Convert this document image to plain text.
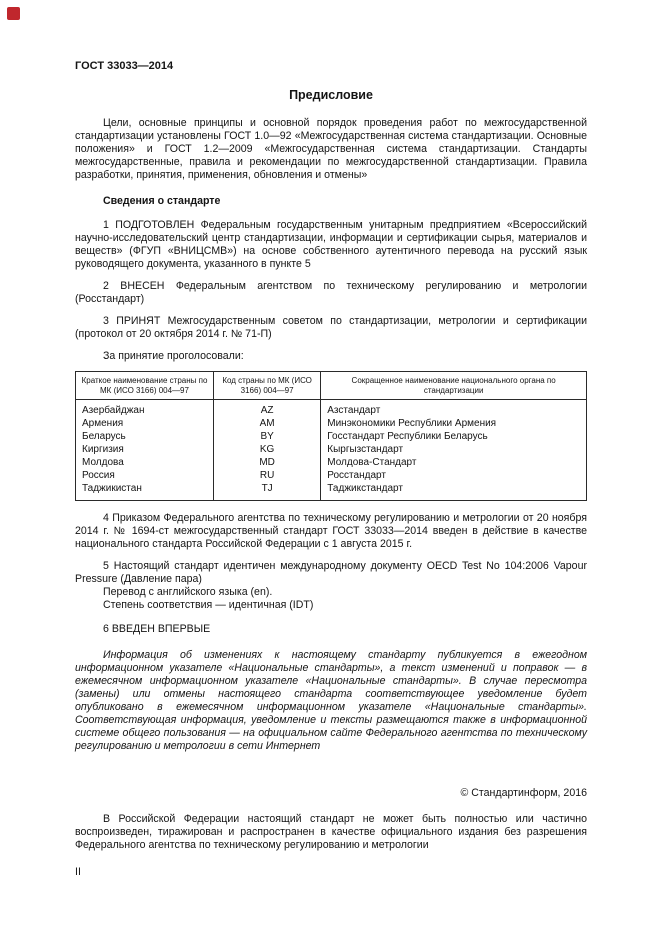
ГОСТ 33033—2014
Предисловие

Цели, основные принципы и основной порядок проведения работ по межгосударственной стандартизации установлены ГОСТ 1.0—92 «Межгосударственная система стандартизации. Основные положения» и ГОСТ 1.2—2009 «Межгосударственная система стандартизации. Стандарты межгосударственные, правила и рекомендации по межгосударственной стандартизации. Правила разработки, принятия, применения, обновления и отмены»

Сведения о стандарте

1 ПОДГОТОВЛЕН Федеральным государственным унитарным предприятием «Всероссийский научно-исследовательский центр стандартизации, информации и сертификации сырья, материалов и веществ» (ФГУП «ВНИЦСМВ») на основе собственного аутентичного перевода на русский язык руководящего документа, указанного в пункте 5

2 ВНЕСЕН Федеральным агентством по техническому регулированию и метрологии (Росстандарт)

3 ПРИНЯТ Межгосударственным советом по стандартизации, метрологии и сертификации (протокол от 20 октября 2014 г. № 71-П)

За принятие проголосовали:

Краткое наименование страны по МК (ИСО 3166) 004—97	Код страны по МК (ИСО 3166) 004—97	Сокращенное наименование национального органа по стандартизации
Азербайджан	AZ	Азстандарт
Армения	AM	Минэкономики Республики Армения
Беларусь	BY	Госстандарт Республики Беларусь
Киргизия	KG	Кыргызстандарт
Молдова	MD	Молдова-Стандарт
Россия	RU	Росстандарт
Таджикистан	TJ	Таджикстандарт

4 Приказом Федерального агентства по техническому регулированию и метрологии от 20 ноября 2014 г. № 1694-ст межгосударственный стандарт ГОСТ 33033—2014 введен в действие в качестве национального стандарта Российской Федерации с 1 августа 2015 г.

5 Настоящий стандарт идентичен международному документу OECD Test No 104:2006 Vapour Pressure (Давление пара)

Перевод с английского языка (en).

Степень соответствия — идентичная (IDT)

6 ВВЕДЕН ВПЕРВЫЕ

Информация об изменениях к настоящему стандарту публикуется в ежегодном информационном указателе «Национальные стандарты», а текст изменений и поправок — в ежемесячном информационном указателе «Национальные стандарты». В случае пересмотра (замены) или отмены настоящего стандарта соответствующее уведомление будет опубликовано в ежемесячном информационном указателе «Национальные стандарты». Соответствующая информация, уведомление и тексты размещаются также в информационной системе общего пользования — на официальном сайте Федерального агентства по техническому регулированию и метрологии в сети Интернет

© Стандартинформ, 2016

В Российской Федерации настоящий стандарт не может быть полностью или частично воспроизведен, тиражирован и распространен в качестве официального издания без разрешения Федерального агентства по техническому регулированию и метрологии

II
